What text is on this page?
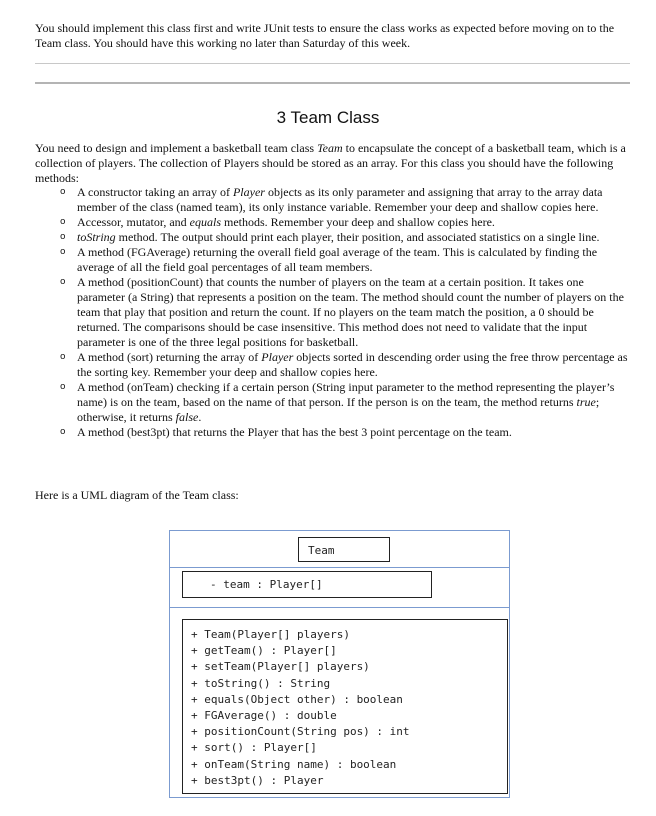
You should implement this class first and write JUnit tests to ensure the class works as expected before moving on to the Team class. You should have this working no later than Saturday of this week.

3 Team Class

You need to design and implement a basketball team class Team to encapsulate the concept of a basketball team, which is a collection of players. The collection of Players should be stored as an array. For this class you should have the following methods:

o A constructor taking an array of Player objects as its only parameter and assigning that array to the array data member of the class (named team), its only instance variable. Remember your deep and shallow copies here.
o Accessor, mutator, and equals methods. Remember your deep and shallow copies here.
o toString method. The output should print each player, their position, and associated statistics on a single line.
o A method (FGAverage) returning the overall field goal average of the team. This is calculated by finding the average of all the field goal percentages of all team members.
o A method (positionCount) that counts the number of players on the team at a certain position. It takes one parameter (a String) that represents a position on the team. The method should count the number of players on the team that play that position and return the count. If no players on the team match the position, a 0 should be returned. The comparisons should be case insensitive. This method does not need to validate that the input parameter is one of the three legal positions for basketball.
o A method (sort) returning the array of Player objects sorted in descending order using the free throw percentage as the sorting key. Remember your deep and shallow copies here.
o A method (onTeam) checking if a certain person (String input parameter to the method representing the player’s name) is on the team, based on the name of that person. If the person is on the team, the method returns true; otherwise, it returns false.
o A method (best3pt) that returns the Player that has the best 3 point percentage on the team.

Here is a UML diagram of the Team class:

Team
- team : Player[]
+ Team(Player[] players)
+ getTeam() : Player[]
+ setTeam(Player[] players)
+ toString() : String
+ equals(Object other) : boolean
+ FGAverage() : double
+ positionCount(String pos) : int
+ sort() : Player[]
+ onTeam(String name) : boolean
+ best3pt() : Player
